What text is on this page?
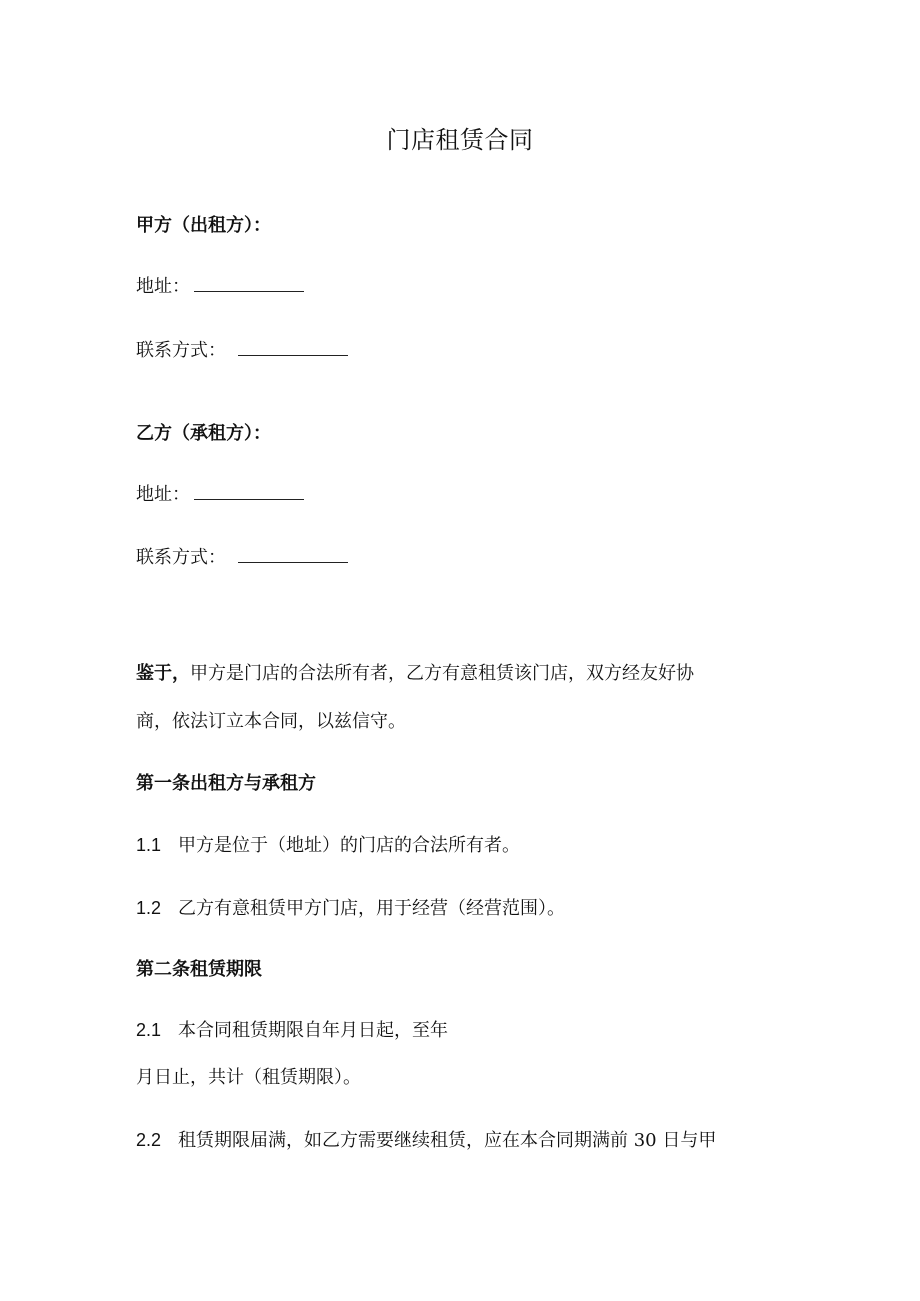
门店租赁合同
甲方（出租方）：
地址：
联系方式：
乙方（承租方）：
地址：
联系方式：
鉴于，甲方是门店的合法所有者，乙方有意租赁该门店，双方经友好协
商，依法订立本合同，以兹信守。
第一条出租方与承租方
1.1 甲方是位于（地址）的门店的合法所有者。
1.2 乙方有意租赁甲方门店，用于经营（经营范围）。
第二条租赁期限
2.1 本合同租赁期限自年月日起，至年
月日止，共计（租赁期限）。
2.2 租赁期限届满，如乙方需要继续租赁，应在本合同期满前 30 日与甲
